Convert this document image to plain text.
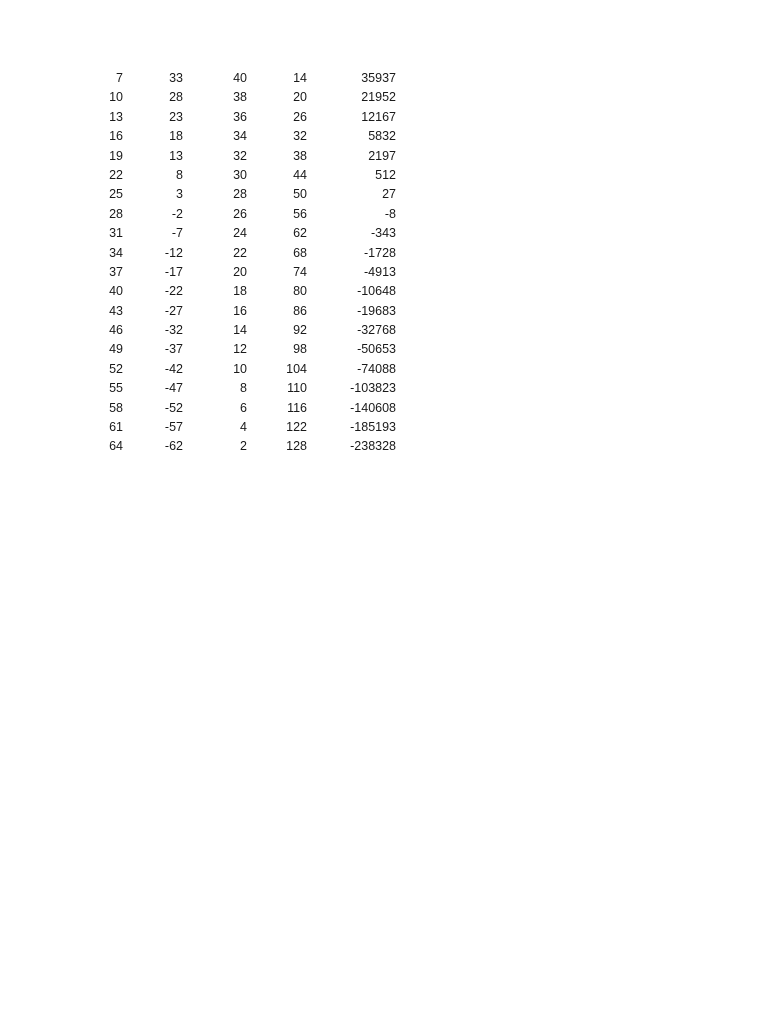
7	33	40	14	35937
10	28	38	20	21952
13	23	36	26	12167
16	18	34	32	5832
19	13	32	38	2197
22	8	30	44	512
25	3	28	50	27
28	-2	26	56	-8
31	-7	24	62	-343
34	-12	22	68	-1728
37	-17	20	74	-4913
40	-22	18	80	-10648
43	-27	16	86	-19683
46	-32	14	92	-32768
49	-37	12	98	-50653
52	-42	10	104	-74088
55	-47	8	110	-103823
58	-52	6	116	-140608
61	-57	4	122	-185193
64	-62	2	128	-238328
